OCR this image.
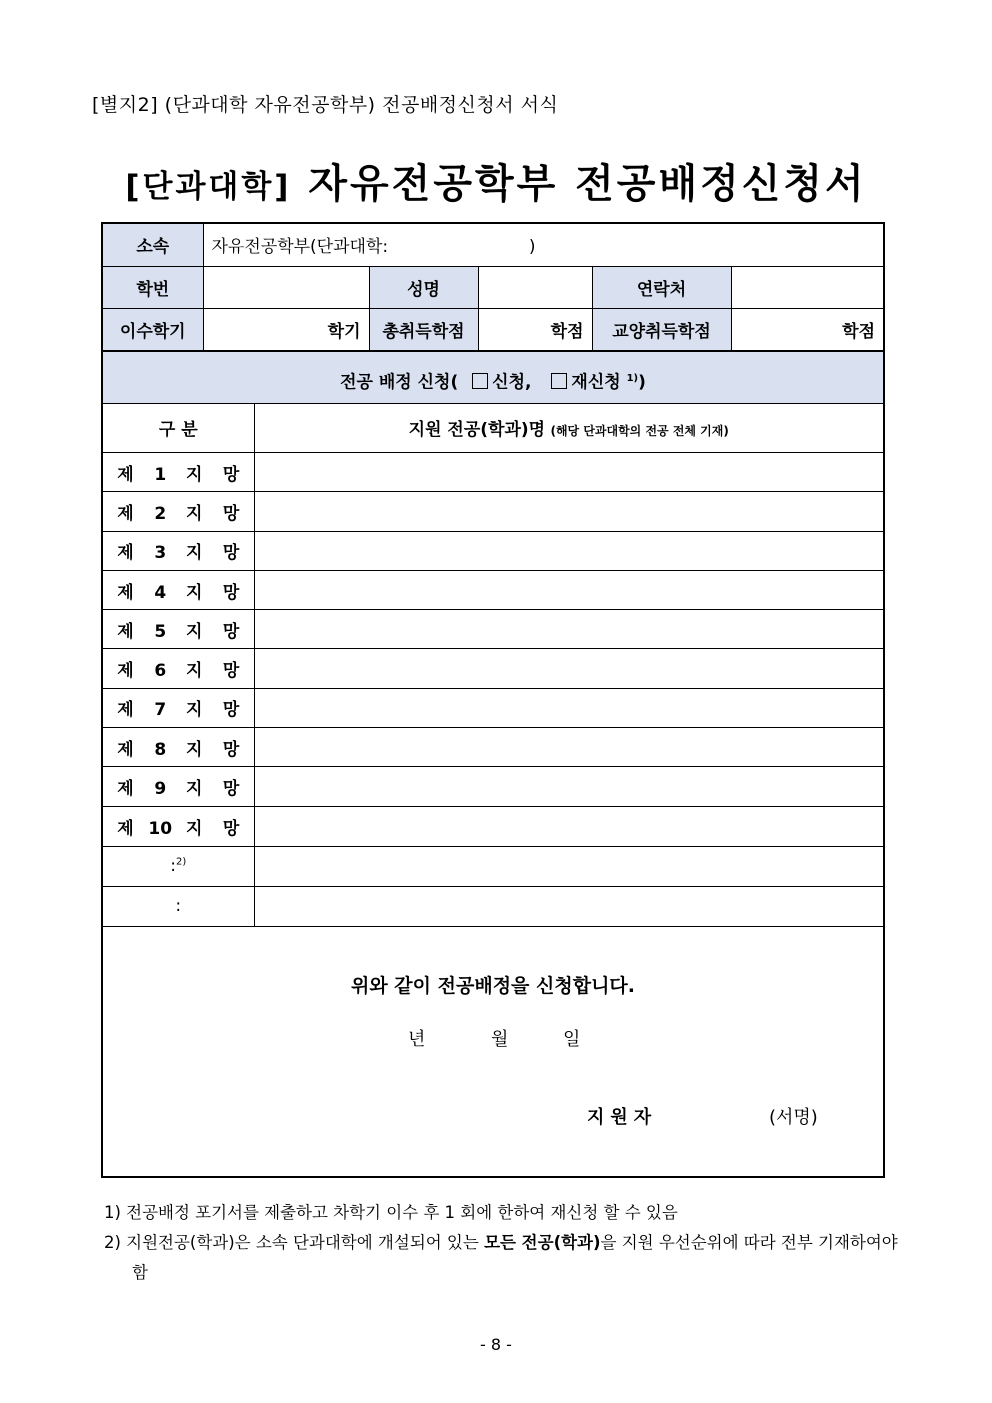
[별지2] (단과대학 자유전공학부) 전공배정신청서 서식
[단과대학] 자유전공학부 전공배정신청서
소속	자유전공학부(단과대학: )				
학번		성명		연락처	
이수학기	학기	총취득학점	학점	교양취득학점	학점
전공 배정 신청( 신청, 재신청 $^{1)}$)
구 분	지원 전공(학과)명 (해당 단과대학의 전공 전체 기재)
제 1 지 망	
제 2 지 망	
제 3 지 망	
제 4 지 망	
제 5 지 망	
제 6 지 망	
제 7 지 망	
제 8 지 망	
제 9 지 망	
제 10 지 망	
:$^{2)}$	
:	
위와 같이 전공배정을 신청합니다.
년	월	일
지원자	(서명)
1) 전공배정 포기서를 제출하고 차학기 이수 후 1 회에 한하여 재신청 할 수 있음
2) 지원전공(학과)은 소속 단과대학에 개설되어 있는 모든 전공(학과)을 지원 우선순위에 따라 전부 기재하여야 함
- 8 -
